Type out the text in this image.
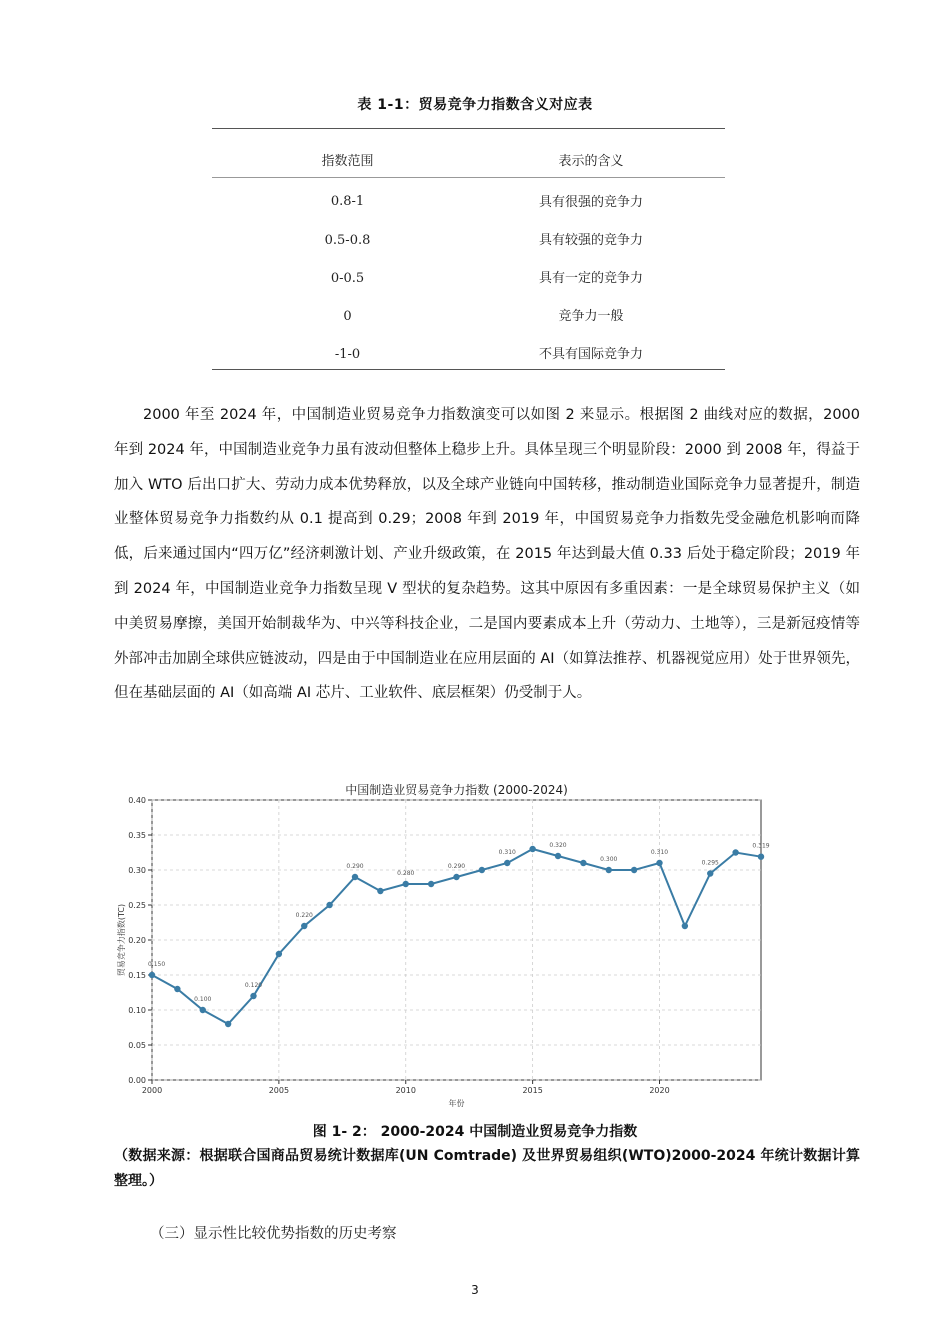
表 1-1：贸易竞争力指数含义对应表
指数范围	表示的含义
0.8-1	具有很强的竞争力
0.5-0.8	具有较强的竞争力
0-0.5	具有一定的竞争力
0	竞争力一般
-1-0	不具有国际竞争力

2000 年至 2024 年，中国制造业贸易竞争力指数演变可以如图 2 来显示。根据图 2 曲线对应的数据，2000 年到 2024 年，中国制造业竞争力虽有波动但整体上稳步上升。具体呈现三个明显阶段：2000 到 2008 年，得益于加入 WTO 后出口扩大、劳动力成本优势释放，以及全球产业链向中国转移，推动制造业国际竞争力显著提升，制造业整体贸易竞争力指数约从 0.1 提高到 0.29；2008 年到 2019 年，中国贸易竞争力指数先受金融危机影响而降低，后来通过国内“四万亿”经济刺激计划、产业升级政策，在 2015 年达到最大值 0.33 后处于稳定阶段；2019 年到 2024 年，中国制造业竞争力指数呈现 V 型状的复杂趋势。这其中原因有多重因素：一是全球贸易保护主义（如中美贸易摩擦，美国开始制裁华为、中兴等科技企业，二是国内要素成本上升（劳动力、土地等），三是新冠疫情等外部冲击加剧全球供应链波动，四是由于中国制造业在应用层面的 AI（如算法推荐、机器视觉应用）处于世界领先，但在基础层面的 AI（如高端 AI 芯片、工业软件、底层框架）仍受制于人。

0.00
0.05
0.10
0.15
0.20
0.25
0.30
0.35
0.40
2000	2005	2010	2015	2020
中国制造业贸易竞争力指数 (2000-2024)
年份
贸易竞争力指数(TC)	0.150
0.100
0.120
0.220
0.290
0.280
0.290
0.310
0.320
0.300
0.310
0.295
0.319
图 1- 2： 2000-2024 中国制造业贸易竞争力指数
（数据来源：根据联合国商品贸易统计数据库(UN Comtrade) 及世界贸易组织(WTO)2000-2024 年统计数据计算整理。）
（三）显示性比较优势指数的历史考察
3
